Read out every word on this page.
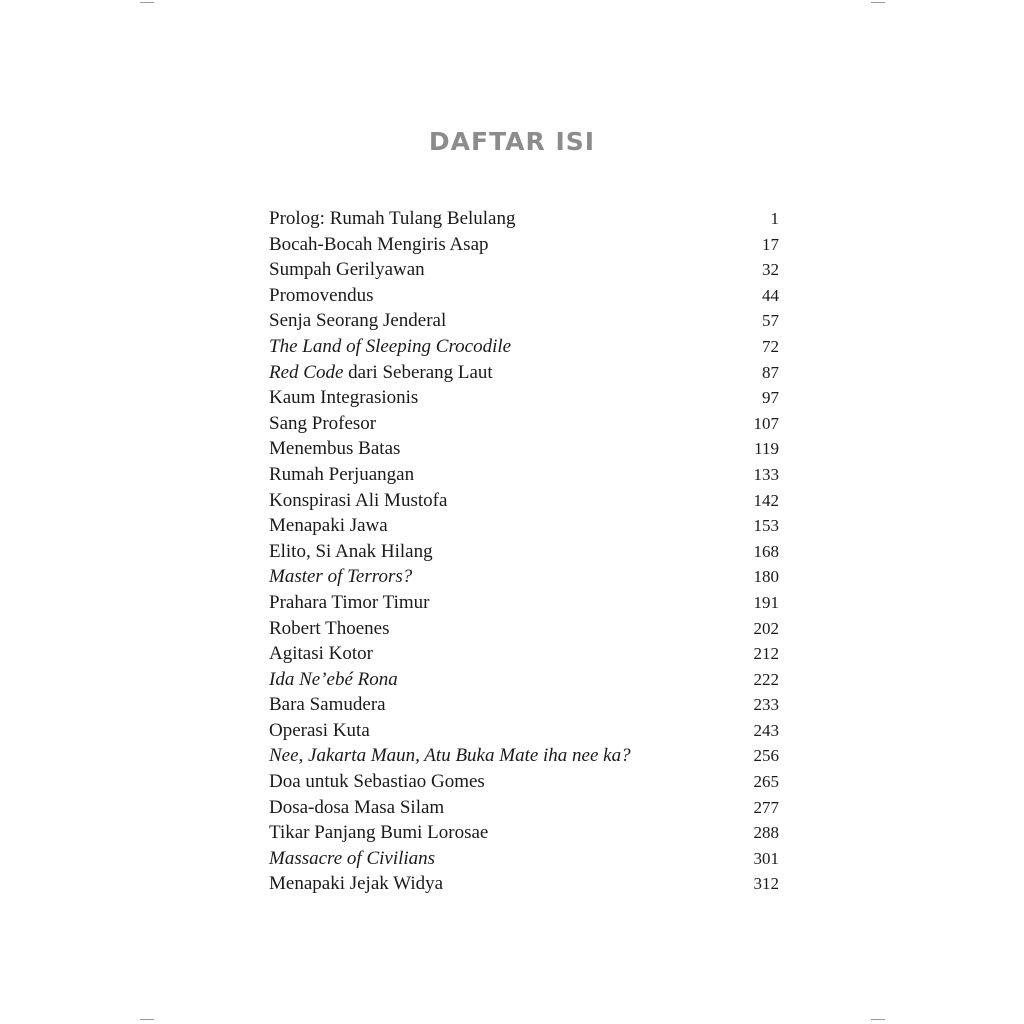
DAFTAR ISI
Prolog: Rumah Tulang Belulang	1
Bocah-Bocah Mengiris Asap	17
Sumpah Gerilyawan	32
Promovendus	44
Senja Seorang Jenderal	57
The Land of Sleeping Crocodile	72
Red Code dari Seberang Laut	87
Kaum Integrasionis	97
Sang Profesor	107
Menembus Batas	119
Rumah Perjuangan	133
Konspirasi Ali Mustofa	142
Menapaki Jawa	153
Elito, Si Anak Hilang	168
Master of Terrors?	180
Prahara Timor Timur	191
Robert Thoenes	202
Agitasi Kotor	212
Ida Ne’ebé Rona	222
Bara Samudera	233
Operasi Kuta	243
Nee, Jakarta Maun, Atu Buka Mate iha nee ka?	256
Doa untuk Sebastiao Gomes	265
Dosa-dosa Masa Silam	277
Tikar Panjang Bumi Lorosae	288
Massacre of Civilians	301
Menapaki Jejak Widya	312
